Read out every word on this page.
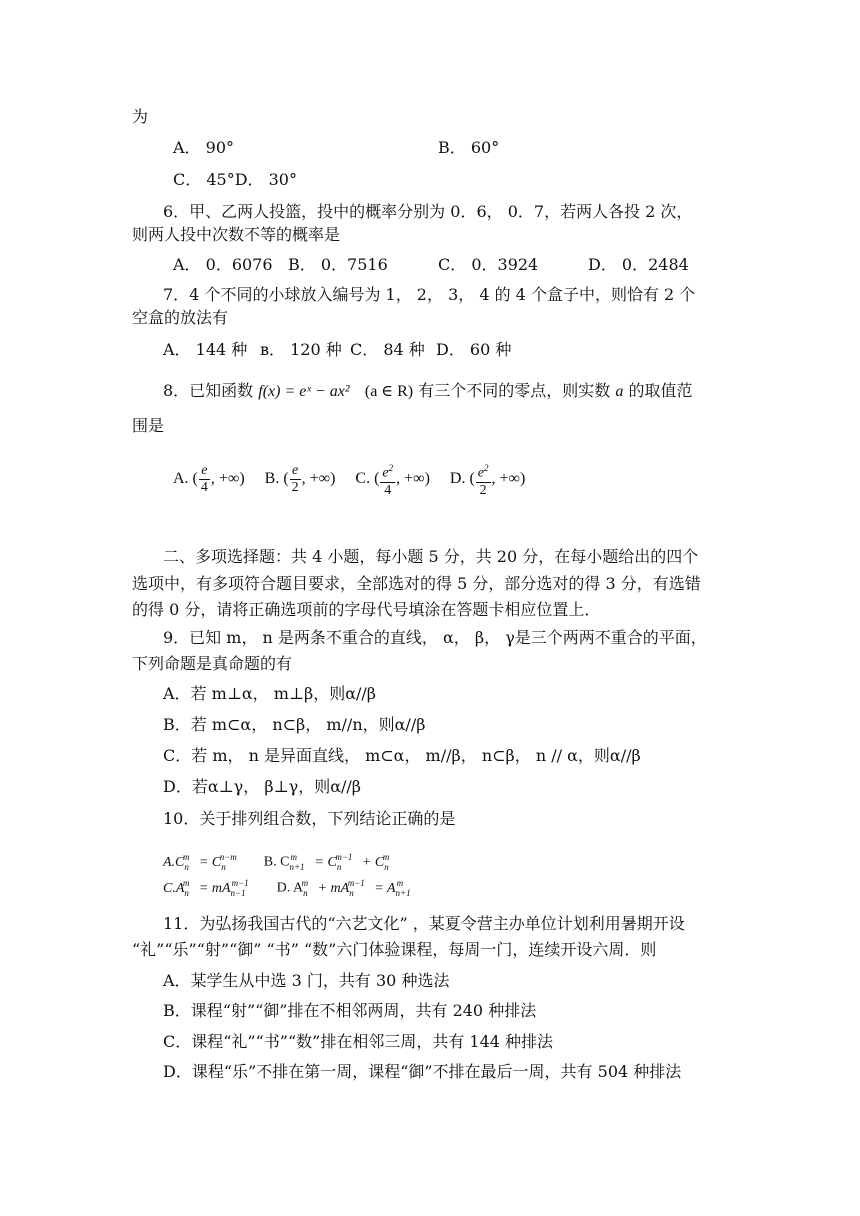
为
A． 90°	B． 60°
C． 45°D． 30°
6．甲、乙两人投篮，投中的概率分别为 0．6， 0．7，若两人各投 2 次，
则两人投中次数不等的概率是
A． 0．6076 B． 0．7516	C． 0．3924	D． 0．2484
7．4 个不同的小球放入编号为 1， 2， 3， 4 的 4 个盒子中，则恰有 2 个
空盒的放法有
A． 144 种 в． 120 种 C． 84 种 D． 60 种
8．已知函数 f(x) = eˣ − ax² (a ∈ R) 有三个不同的零点，则实数 a 的取值范
围是
A. ( $\frac{e}{4}$ , +∞) B. ( $\frac{e}{2}$ , +∞) C. ( $\frac{e^2}{4}$ , +∞) D. ( $\frac{e^2}{2}$ , +∞)
二、多项选择题：共 4 小题，每小题 5 分，共 20 分，在每小题给出的四个
选项中，有多项符合题目要求，全部选对的得 5 分，部分选对的得 3 分，有选错
的得 0 分，请将正确选项前的字母代号填涂在答题卡相应位置上．
9．已知 m， n 是两条不重合的直线， α， β， γ是三个两两不重合的平面，
下列命题是真命题的有
A．若 m⊥α， m⊥β，则α//β
B．若 m⊂α， n⊂β， m//n，则α//β
C．若 m， n 是异面直线， m⊂α， m//β， n⊂β， n // α，则α//β
D．若α⊥γ， β⊥γ，则α//β
10．关于排列组合数，下列结论正确的是
$A.C_n^m = C_n^{n-m}$ B. $C_{n+1}^m = C_n^{m-1} + C_n^m$
$C.A_n^m = mA_{n-1}^{m-1}$ D. $A_n^m + mA_n^{m-1} = A_{n+1}^m$
11．为弘扬我国古代的“六艺文化” ，某夏令营主办单位计划利用暑期开设
“礼”“乐”“射”“御” “书” “数”六门体验课程，每周一门，连续开设六周．则
A．某学生从中选 3 门，共有 30 种选法
B．课程“射”“御”排在不相邻两周，共有 240 种排法
C．课程“礼”“书”“数”排在相邻三周，共有 144 种排法
D．课程“乐”不排在第一周，课程“御”不排在最后一周，共有 504 种排法
